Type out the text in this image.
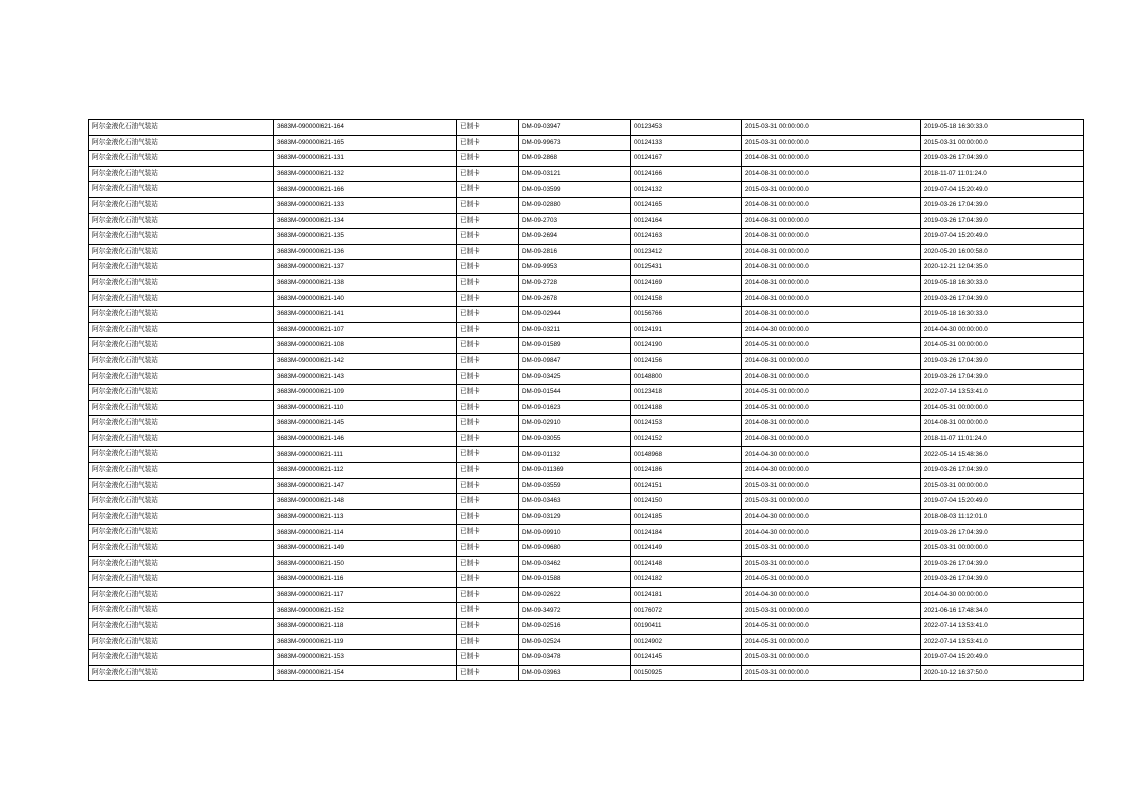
阿尔金液化石油气装站	3683M-090000l621-164	已制卡	DM-09-03947	00123453	2015-03-31 00:00:00.0	2019-05-18 16:30:33.0
阿尔金液化石油气装站	3683M-090000l621-165	已制卡	DM-09-99673	00124133	2015-03-31 00:00:00.0	2015-03-31 00:00:00.0
阿尔金液化石油气装站	3683M-090000l621-131	已制卡	DM-09-2868	00124167	2014-08-31 00:00:00.0	2019-03-26 17:04:39.0
阿尔金液化石油气装站	3683M-090000l621-132	已制卡	DM-09-03121	00124166	2014-08-31 00:00:00.0	2018-11-07 11:01:24.0
阿尔金液化石油气装站	3683M-090000l621-166	已制卡	DM-09-03599	00124132	2015-03-31 00:00:00.0	2019-07-04 15:20:49.0
阿尔金液化石油气装站	3683M-090000l621-133	已制卡	DM-09-02880	00124165	2014-08-31 00:00:00.0	2019-03-26 17:04:39.0
阿尔金液化石油气装站	3683M-090000l621-134	已制卡	DM-09-2703	00124164	2014-08-31 00:00:00.0	2019-03-26 17:04:39.0
阿尔金液化石油气装站	3683M-090000l621-135	已制卡	DM-09-2694	00124163	2014-08-31 00:00:00.0	2019-07-04 15:20:49.0
阿尔金液化石油气装站	3683M-090000l621-136	已制卡	DM-09-2816	00123412	2014-08-31 00:00:00.0	2020-05-20 16:00:58.0
阿尔金液化石油气装站	3683M-090000l621-137	已制卡	DM-09-9953	00125431	2014-08-31 00:00:00.0	2020-12-21 12:04:35.0
阿尔金液化石油气装站	3683M-090000l621-138	已制卡	DM-09-2728	00124169	2014-08-31 00:00:00.0	2019-05-18 16:30:33.0
阿尔金液化石油气装站	3683M-090000l621-140	已制卡	DM-09-2678	00124158	2014-08-31 00:00:00.0	2019-03-26 17:04:39.0
阿尔金液化石油气装站	3683M-090000l621-141	已制卡	DM-09-02944	00156766	2014-08-31 00:00:00.0	2019-05-18 16:30:33.0
阿尔金液化石油气装站	3683M-090000l621-107	已制卡	DM-09-03211	00124191	2014-04-30 00:00:00.0	2014-04-30 00:00:00.0
阿尔金液化石油气装站	3683M-090000l621-108	已制卡	DM-09-01589	00124190	2014-05-31 00:00:00.0	2014-05-31 00:00:00.0
阿尔金液化石油气装站	3683M-090000l621-142	已制卡	DM-09-09847	00124156	2014-08-31 00:00:00.0	2019-03-26 17:04:39.0
阿尔金液化石油气装站	3683M-090000l621-143	已制卡	DM-09-03425	00148800	2014-08-31 00:00:00.0	2019-03-26 17:04:39.0
阿尔金液化石油气装站	3683M-090000l621-109	已制卡	DM-09-01544	00123418	2014-05-31 00:00:00.0	2022-07-14 13:53:41.0
阿尔金液化石油气装站	3683M-090000l621-110	已制卡	DM-09-01623	00124188	2014-05-31 00:00:00.0	2014-05-31 00:00:00.0
阿尔金液化石油气装站	3683M-090000l621-145	已制卡	DM-09-02910	00124153	2014-08-31 00:00:00.0	2014-08-31 00:00:00.0
阿尔金液化石油气装站	3683M-090000l621-146	已制卡	DM-09-03055	00124152	2014-08-31 00:00:00.0	2018-11-07 11:01:24.0
阿尔金液化石油气装站	3683M-090000l621-111	已制卡	DM-09-01132	00148968	2014-04-30 00:00:00.0	2022-05-14 15:48:36.0
阿尔金液化石油气装站	3683M-090000l621-112	已制卡	DM-09-011369	00124186	2014-04-30 00:00:00.0	2019-03-26 17:04:39.0
阿尔金液化石油气装站	3683M-090000l621-147	已制卡	DM-09-03559	00124151	2015-03-31 00:00:00.0	2015-03-31 00:00:00.0
阿尔金液化石油气装站	3683M-090000l621-148	已制卡	DM-09-03463	00124150	2015-03-31 00:00:00.0	2019-07-04 15:20:49.0
阿尔金液化石油气装站	3683M-090000l621-113	已制卡	DM-09-03129	00124185	2014-04-30 00:00:00.0	2018-08-03 11:12:01.0
阿尔金液化石油气装站	3683M-090000l621-114	已制卡	DM-09-09910	00124184	2014-04-30 00:00:00.0	2019-03-26 17:04:39.0
阿尔金液化石油气装站	3683M-090000l621-149	已制卡	DM-09-09680	00124149	2015-03-31 00:00:00.0	2015-03-31 00:00:00.0
阿尔金液化石油气装站	3683M-090000l621-150	已制卡	DM-09-03462	00124148	2015-03-31 00:00:00.0	2019-03-26 17:04:39.0
阿尔金液化石油气装站	3683M-090000l621-116	已制卡	DM-09-01588	00124182	2014-05-31 00:00:00.0	2019-03-26 17:04:39.0
阿尔金液化石油气装站	3683M-090000l621-117	已制卡	DM-09-02622	00124181	2014-04-30 00:00:00.0	2014-04-30 00:00:00.0
阿尔金液化石油气装站	3683M-090000l621-152	已制卡	DM-09-34972	00176072	2015-03-31 00:00:00.0	2021-06-16 17:48:34.0
阿尔金液化石油气装站	3683M-090000l621-118	已制卡	DM-09-02516	00190411	2014-05-31 00:00:00.0	2022-07-14 13:53:41.0
阿尔金液化石油气装站	3683M-090000l621-119	已制卡	DM-09-02524	00124902	2014-05-31 00:00:00.0	2022-07-14 13:53:41.0
阿尔金液化石油气装站	3683M-090000l621-153	已制卡	DM-09-03478	00124145	2015-03-31 00:00:00.0	2019-07-04 15:20:49.0
阿尔金液化石油气装站	3683M-090000l621-154	已制卡	DM-09-03963	00150925	2015-03-31 00:00:00.0	2020-10-12 16:37:50.0
